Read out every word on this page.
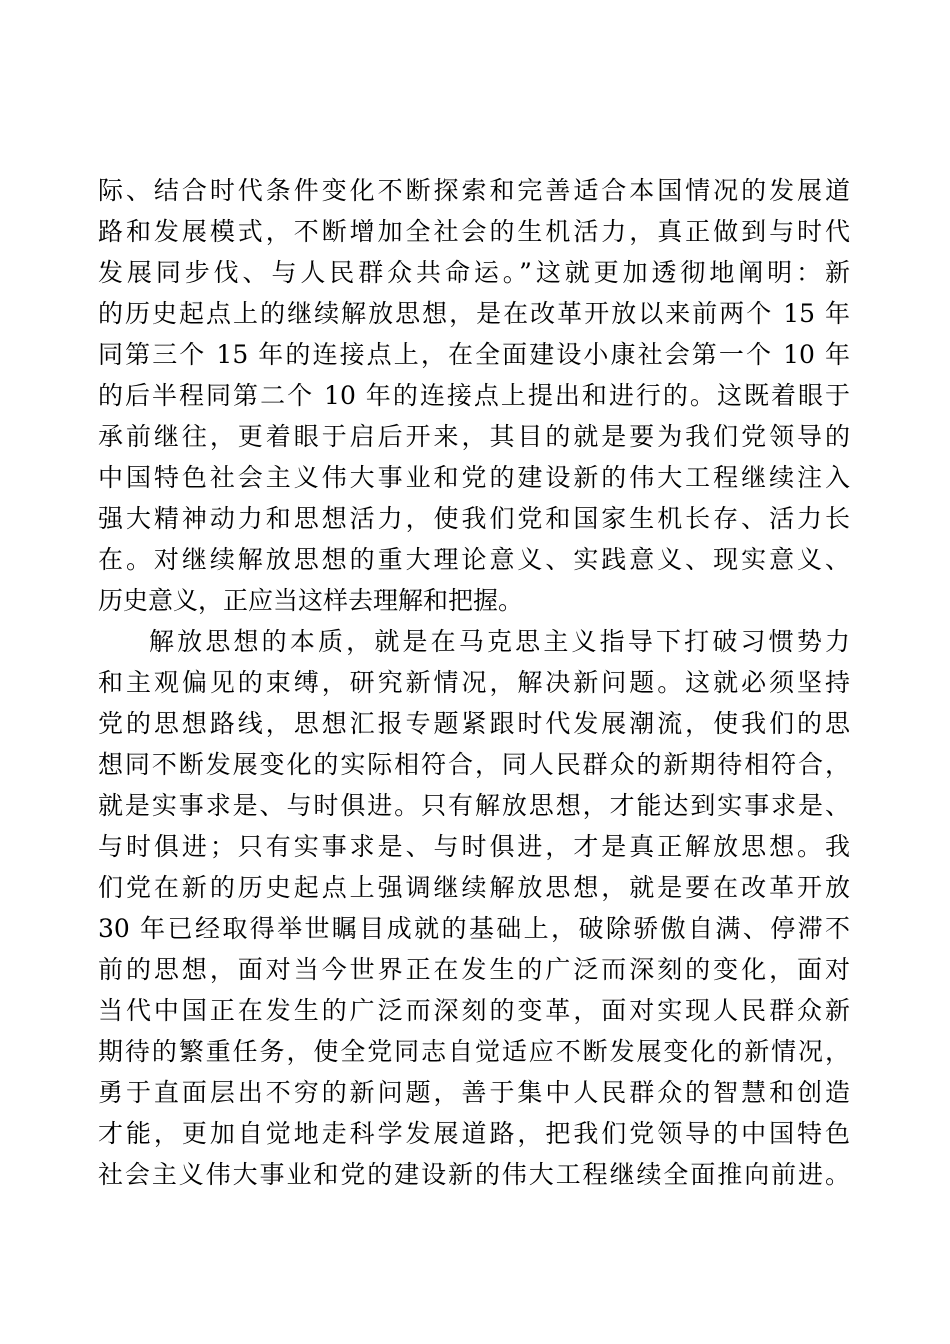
际、结合时代条件变化不断探索和完善适合本国情况的发展道
路和发展模式，不断增加全社会的生机活力，真正做到与时代
发展同步伐、与人民群众共命运。”这就更加透彻地阐明：新
的历史起点上的继续解放思想，是在改革开放以来前两个 15 年
同第三个 15 年的连接点上，在全面建设小康社会第一个 10 年
的后半程同第二个 10 年的连接点上提出和进行的。这既着眼于
承前继往，更着眼于启后开来，其目的就是要为我们党领导的
中国特色社会主义伟大事业和党的建设新的伟大工程继续注入
强大精神动力和思想活力，使我们党和国家生机长存、活力长
在。对继续解放思想的重大理论意义、实践意义、现实意义、
历史意义，正应当这样去理解和把握。
解放思想的本质，就是在马克思主义指导下打破习惯势力
和主观偏见的束缚，研究新情况，解决新问题。这就必须坚持
党的思想路线，思想汇报专题紧跟时代发展潮流，使我们的思
想同不断发展变化的实际相符合，同人民群众的新期待相符合，
就是实事求是、与时俱进。只有解放思想，才能达到实事求是、
与时俱进；只有实事求是、与时俱进，才是真正解放思想。我
们党在新的历史起点上强调继续解放思想，就是要在改革开放
30 年已经取得举世瞩目成就的基础上，破除骄傲自满、停滞不
前的思想，面对当今世界正在发生的广泛而深刻的变化，面对
当代中国正在发生的广泛而深刻的变革，面对实现人民群众新
期待的繁重任务，使全党同志自觉适应不断发展变化的新情况，
勇于直面层出不穷的新问题，善于集中人民群众的智慧和创造
才能，更加自觉地走科学发展道路，把我们党领导的中国特色
社会主义伟大事业和党的建设新的伟大工程继续全面推向前进。
